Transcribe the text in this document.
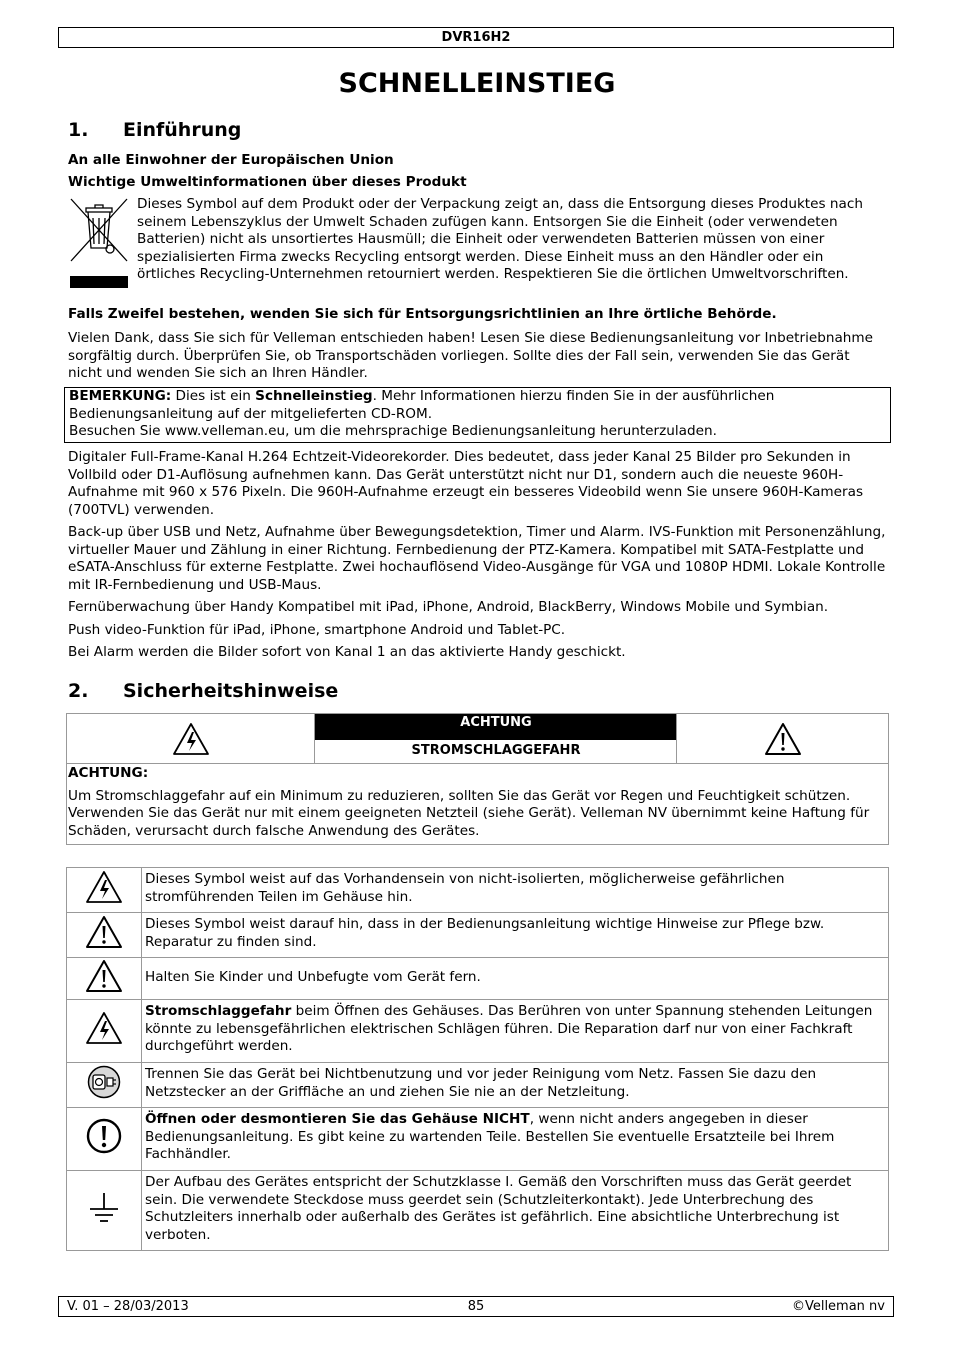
DVR16H2
SCHNELLEINSTIEG
1. Einführung
An alle Einwohner der Europäischen Union
Wichtige Umweltinformationen über dieses Produkt
Dieses Symbol auf dem Produkt oder der Verpackung zeigt an, dass die Entsorgung dieses Produktes nach seinem Lebenszyklus der Umwelt Schaden zufügen kann. Entsorgen Sie die Einheit (oder verwendeten Batterien) nicht als unsortiertes Hausmüll; die Einheit oder verwendeten Batterien müssen von einer spezialisierten Firma zwecks Recycling entsorgt werden. Diese Einheit muss an den Händler oder ein örtliches Recycling-Unternehmen retourniert werden. Respektieren Sie die örtlichen Umweltvorschriften.
Falls Zweifel bestehen, wenden Sie sich für Entsorgungsrichtlinien an Ihre örtliche Behörde.
Vielen Dank, dass Sie sich für Velleman entschieden haben! Lesen Sie diese Bedienungsanleitung vor Inbetriebnahme sorgfältig durch. Überprüfen Sie, ob Transportschäden vorliegen. Sollte dies der Fall sein, verwenden Sie das Gerät nicht und wenden Sie sich an Ihren Händler.
BEMERKUNG: Dies ist ein Schnelleinstieg. Mehr Informationen hierzu finden Sie in der ausführlichen Bedienungsanleitung auf der mitgelieferten CD-ROM.
Besuchen Sie www.velleman.eu, um die mehrsprachige Bedienungsanleitung herunterzuladen.
Digitaler Full-Frame-Kanal H.264 Echtzeit-Videorekorder. Dies bedeutet, dass jeder Kanal 25 Bilder pro Sekunden in Vollbild oder D1-Auflösung aufnehmen kann. Das Gerät unterstützt nicht nur D1, sondern auch die neueste 960H-Aufnahme mit 960 x 576 Pixeln. Die 960H-Aufnahme erzeugt ein besseres Videobild wenn Sie unsere 960H-Kameras (700TVL) verwenden.
Back-up über USB und Netz, Aufnahme über Bewegungsdetektion, Timer und Alarm. IVS-Funktion mit Personenzählung, virtueller Mauer und Zählung in einer Richtung. Fernbedienung der PTZ-Kamera. Kompatibel mit SATA-Festplatte und eSATA-Anschluss für externe Festplatte. Zwei hochauflösend Video-Ausgänge für VGA und 1080P HDMI. Lokale Kontrolle mit IR-Fernbedienung und USB-Maus.
Fernüberwachung über Handy Kompatibel mit iPad, iPhone, Android, BlackBerry, Windows Mobile und Symbian.
Push video-Funktion für iPad, iPhone, smartphone Android und Tablet-PC.
Bei Alarm werden die Bilder sofort von Kanal 1 an das aktivierte Handy geschickt.
2. Sicherheitshinweise
ACHTUNG
STROMSCHLAGGEFAHR
ACHTUNG:
Um Stromschlaggefahr auf ein Minimum zu reduzieren, sollten Sie das Gerät vor Regen und Feuchtigkeit schützen. Verwenden Sie das Gerät nur mit einem geeigneten Netzteil (siehe Gerät). Velleman NV übernimmt keine Haftung für Schäden, verursacht durch falsche Anwendung des Gerätes.
	Dieses Symbol weist auf das Vorhandensein von nicht-isolierten, möglicherweise gefährlichen stromführenden Teilen im Gehäuse hin.
	Dieses Symbol weist darauf hin, dass in der Bedienungsanleitung wichtige Hinweise zur Pflege bzw. Reparatur zu finden sind.
	Halten Sie Kinder und Unbefugte vom Gerät fern.
	Stromschlaggefahr beim Öffnen des Gehäuses. Das Berühren von unter Spannung stehenden Leitungen könnte zu lebensgefährlichen elektrischen Schlägen führen. Die Reparation darf nur von einer Fachkraft durchgeführt werden.
	Trennen Sie das Gerät bei Nichtbenutzung und vor jeder Reinigung vom Netz. Fassen Sie dazu den Netzstecker an der Griffläche an und ziehen Sie nie an der Netzleitung.
	Öffnen oder desmontieren Sie das Gehäuse NICHT, wenn nicht anders angegeben in dieser Bedienungsanleitung. Es gibt keine zu wartenden Teile. Bestellen Sie eventuelle Ersatzteile bei Ihrem Fachhändler.
	Der Aufbau des Gerätes entspricht der Schutzklasse I. Gemäß den Vorschriften muss das Gerät geerdet sein. Die verwendete Steckdose muss geerdet sein (Schutzleiterkontakt). Jede Unterbrechung des Schutzleiters innerhalb oder außerhalb des Gerätes ist gefährlich. Eine absichtliche Unterbrechung ist verboten.
V. 01 – 28/03/2013	85	©Velleman nv
